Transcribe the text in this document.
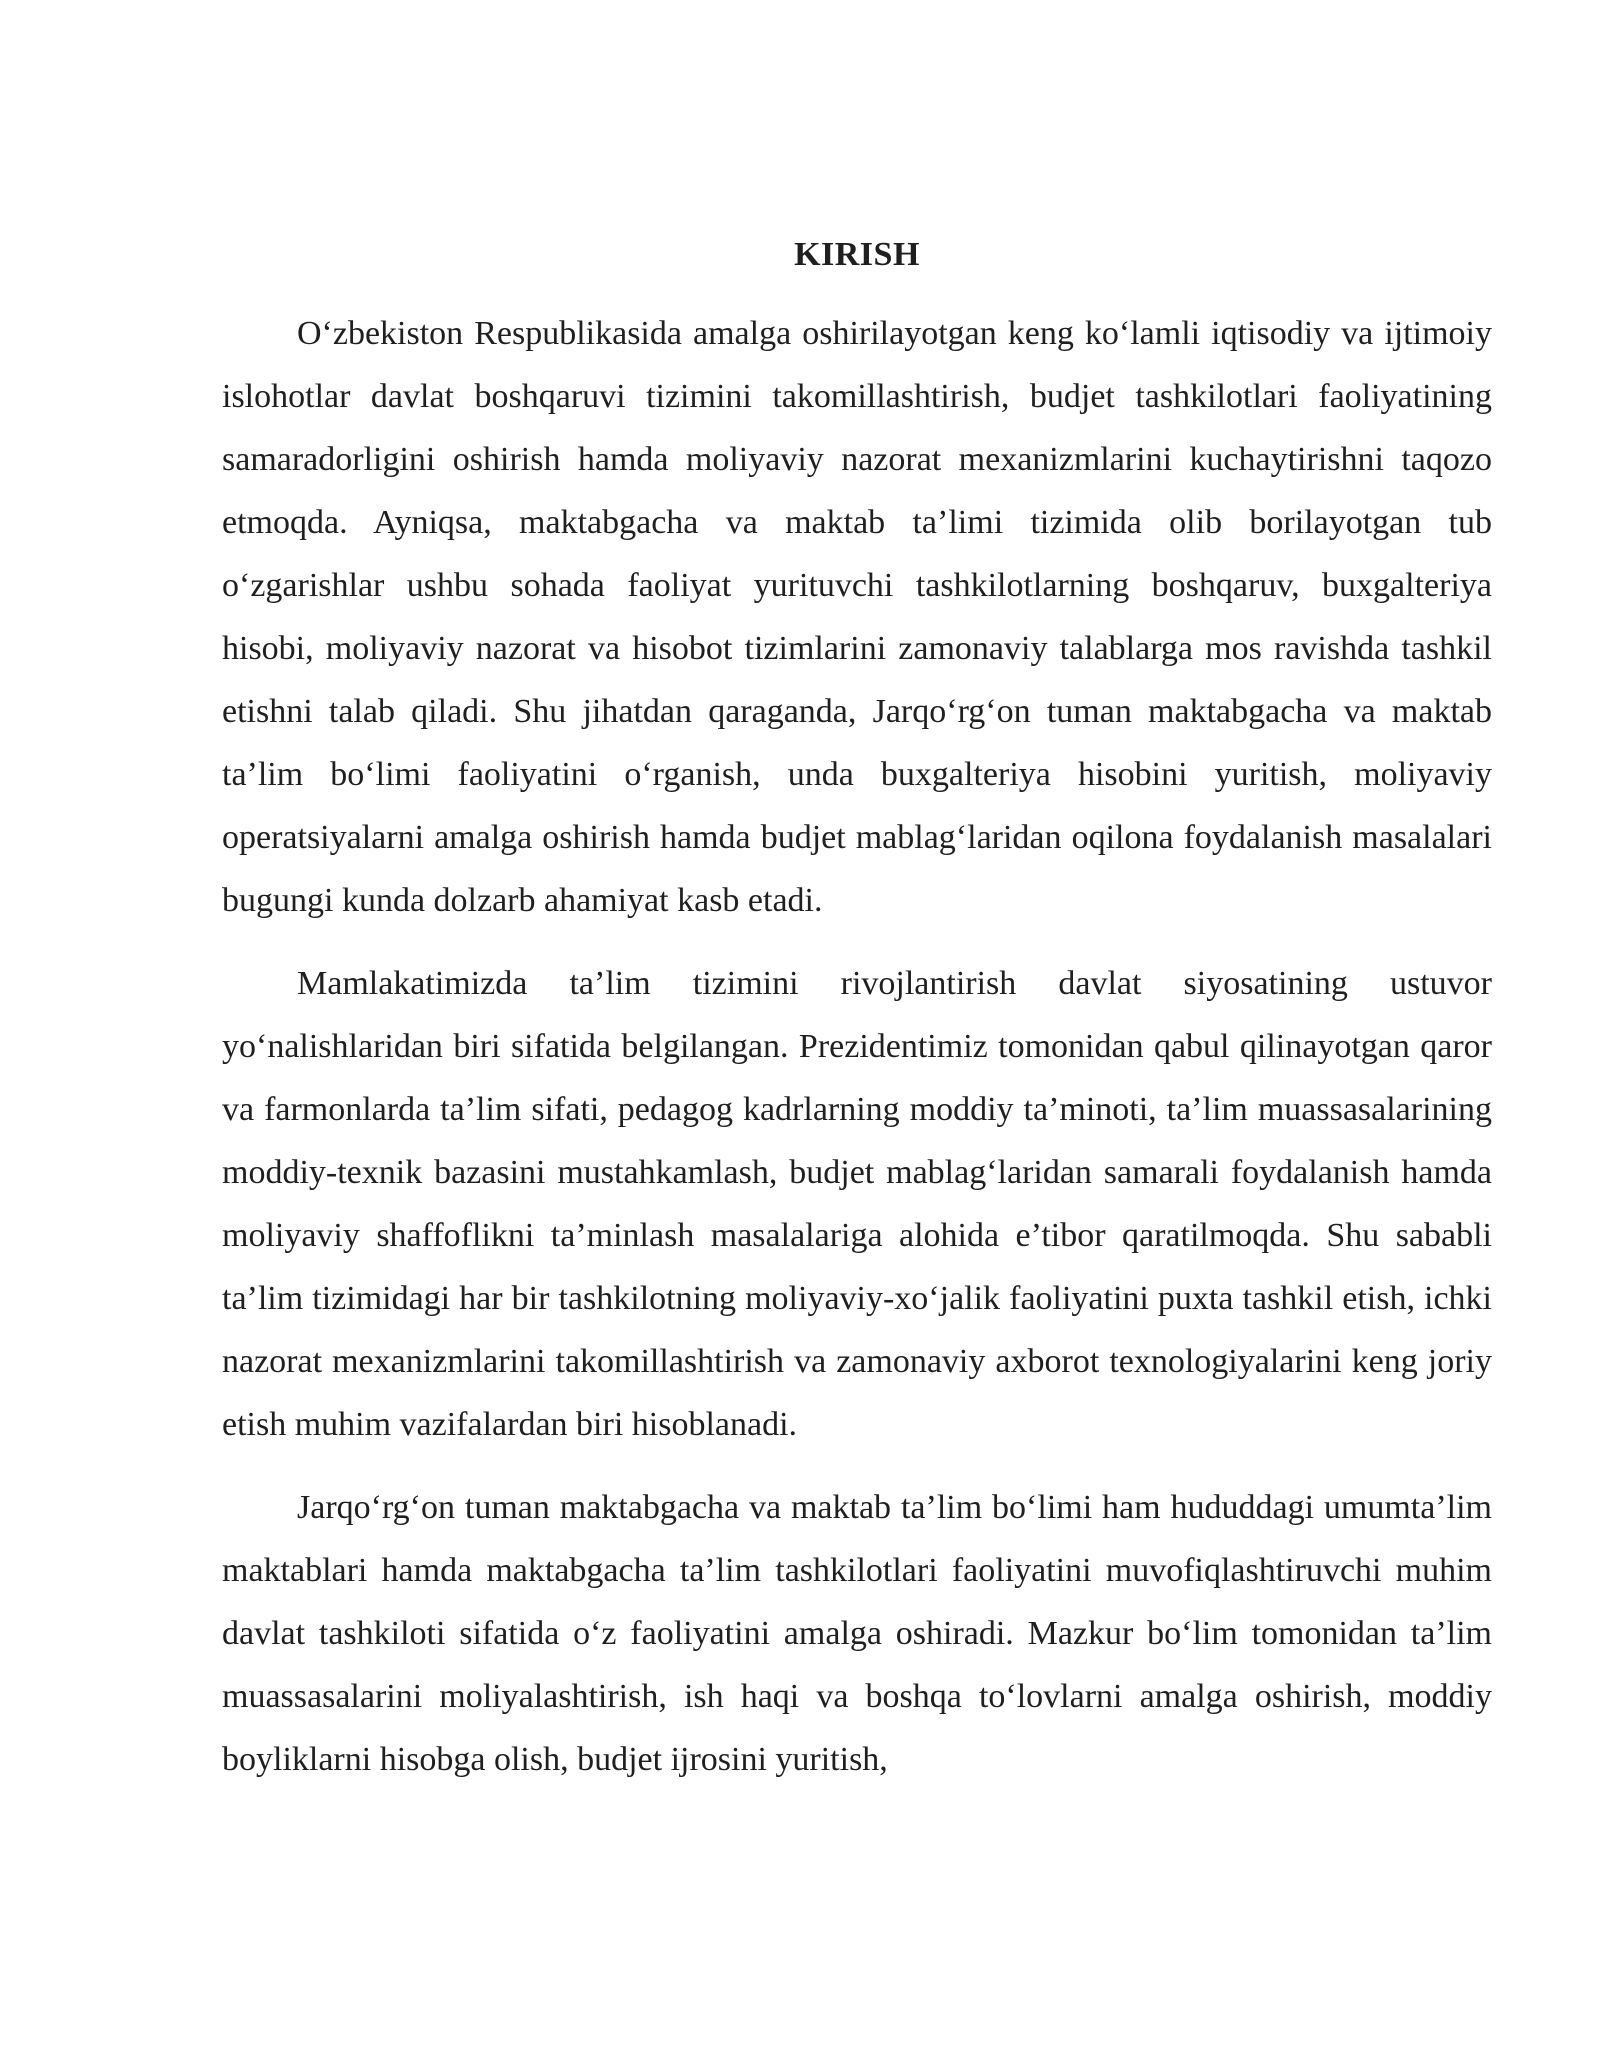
KIRISH

O‘zbekiston Respublikasida amalga oshirilayotgan keng ko‘lamli iqtisodiy va ijtimoiy islohotlar davlat boshqaruvi tizimini takomillashtirish, budjet tashkilotlari faoliyatining samaradorligini oshirish hamda moliyaviy nazorat mexanizmlarini kuchaytirishni taqozo etmoqda. Ayniqsa, maktabgacha va maktab ta’limi tizimida olib borilayotgan tub o‘zgarishlar ushbu sohada faoliyat yurituvchi tashkilotlarning boshqaruv, buxgalteriya hisobi, moliyaviy nazorat va hisobot tizimlarini zamonaviy talablarga mos ravishda tashkil etishni talab qiladi. Shu jihatdan qaraganda, Jarqo‘rg‘on tuman maktabgacha va maktab ta’lim bo‘limi faoliyatini o‘rganish, unda buxgalteriya hisobini yuritish, moliyaviy operatsiyalarni amalga oshirish hamda budjet mablag‘laridan oqilona foydalanish masalalari bugungi kunda dolzarb ahamiyat kasb etadi.

Mamlakatimizda ta’lim tizimini rivojlantirish davlat siyosatining ustuvor yo‘nalishlaridan biri sifatida belgilangan. Prezidentimiz tomonidan qabul qilinayotgan qaror va farmonlarda ta’lim sifati, pedagog kadrlarning moddiy ta’minoti, ta’lim muassasalarining moddiy-texnik bazasini mustahkamlash, budjet mablag‘laridan samarali foydalanish hamda moliyaviy shaffoflikni ta’minlash masalalariga alohida e’tibor qaratilmoqda. Shu sababli ta’lim tizimidagi har bir tashkilotning moliyaviy-xo‘jalik faoliyatini puxta tashkil etish, ichki nazorat mexanizmlarini takomillashtirish va zamonaviy axborot texnologiyalarini keng joriy etish muhim vazifalardan biri hisoblanadi.

Jarqo‘rg‘on tuman maktabgacha va maktab ta’lim bo‘limi ham hududdagi umumta’lim maktablari hamda maktabgacha ta’lim tashkilotlari faoliyatini muvofiqlashtiruvchi muhim davlat tashkiloti sifatida o‘z faoliyatini amalga oshiradi. Mazkur bo‘lim tomonidan ta’lim muassasalarini moliyalashtirish, ish haqi va boshqa to‘lovlarni amalga oshirish, moddiy boyliklarni hisobga olish, budjet ijrosini yuritish,
